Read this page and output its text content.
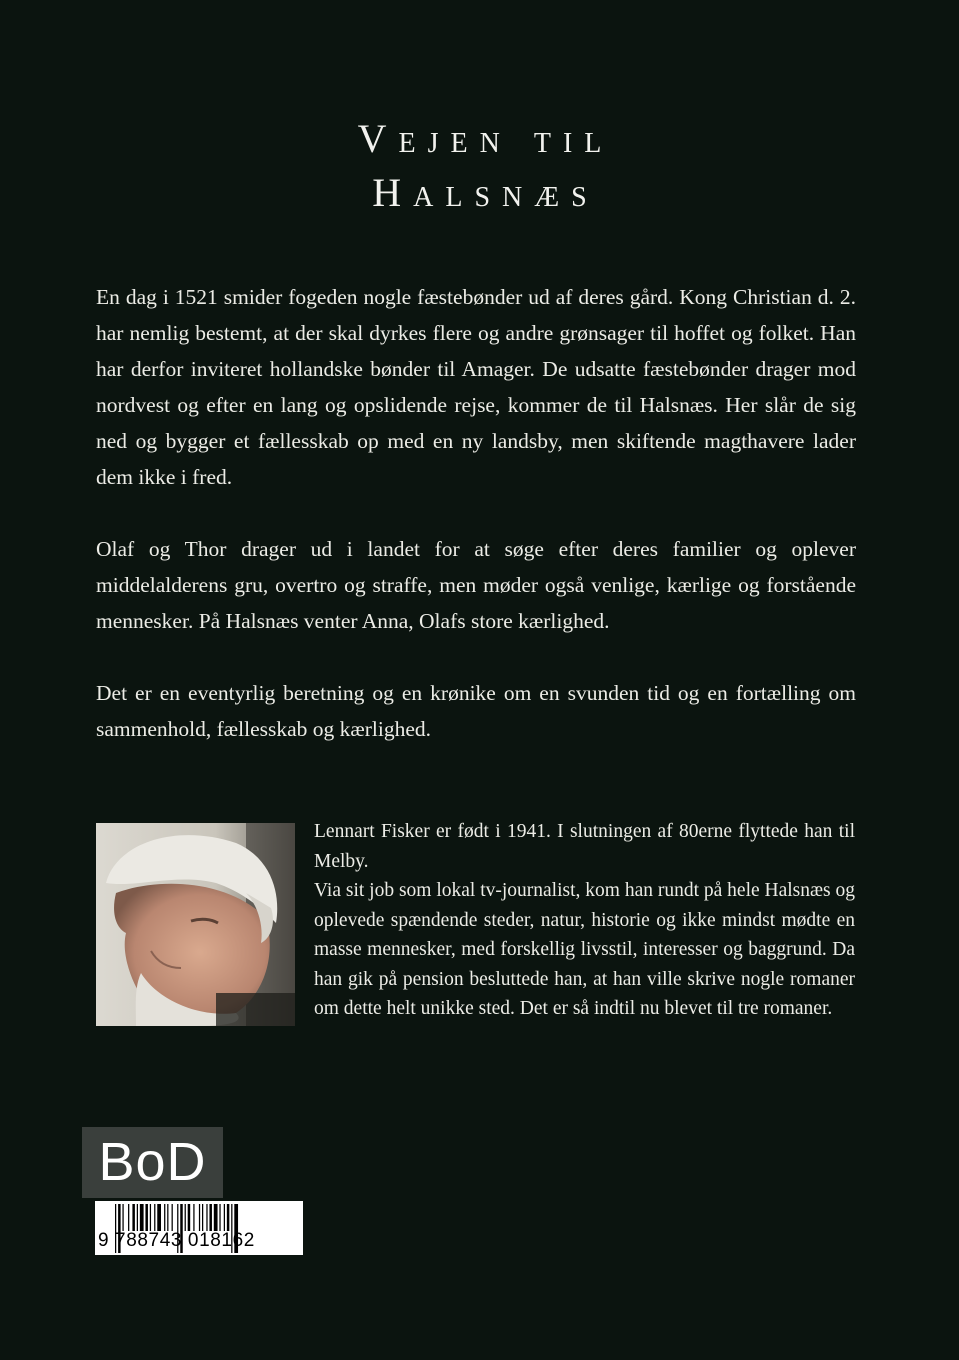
Vejen til
Halsnæs

En dag i 1521 smider fogeden nogle fæstebønder ud af deres gård. Kong Christian d. 2. har nemlig bestemt, at der skal dyrkes flere og andre grønsager til hoffet og folket. Han har derfor inviteret hollandske bønder til Amager. De udsatte fæstebønder drager mod nordvest og efter en lang og opslidende rejse, kommer de til Halsnæs. Her slår de sig ned og bygger et fællesskab op med en ny landsby, men skiftende magthavere lader dem ikke i fred.

Olaf og Thor drager ud i landet for at søge efter deres familier og oplever middelalderens gru, overtro og straffe, men møder også venlige, kærlige og forstående mennesker. På Halsnæs venter Anna, Olafs store kærlighed.

Det er en eventyrlig beretning og en krønike om en svunden tid og en fortælling om sammenhold, fællesskab og kærlighed.

Lennart Fisker er født i 1941. I slutningen af 80erne flyttede han til Melby.
Via sit job som lokal tv-journalist, kom han rundt på hele Halsnæs og oplevede spændende steder, natur, historie og ikke mindst mødte en masse mennesker, med forskellig livsstil, interesser og baggrund. Da han gik på pension besluttede han, at han ville skrive nogle romaner om dette helt unikke sted. Det er så indtil nu blevet til tre romaner.

BoD
9 788743 018162
